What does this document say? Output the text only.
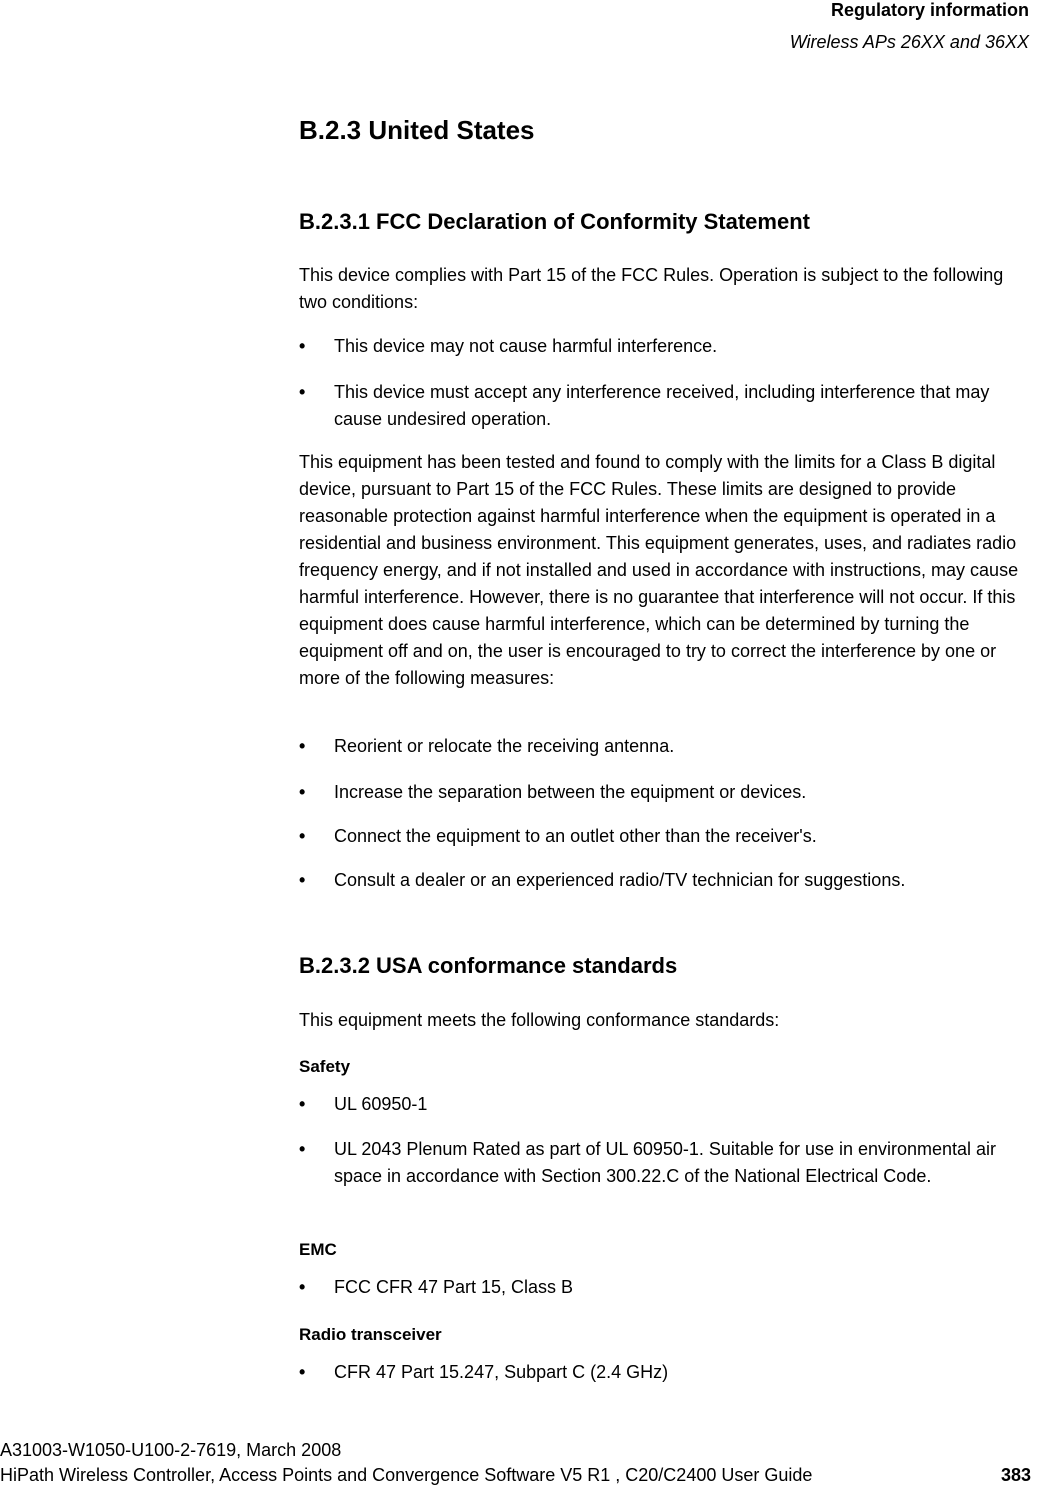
Regulatory information
Wireless APs 26XX and 36XX
B.2.3 United States
B.2.3.1 FCC Declaration of Conformity Statement

This device complies with Part 15 of the FCC Rules. Operation is subject to the following two conditions:

•	This device may not cause harmful interference.
•	This device must accept any interference received, including interference that may cause undesired operation.

This equipment has been tested and found to comply with the limits for a Class B digital device, pursuant to Part 15 of the FCC Rules. These limits are designed to provide reasonable protection against harmful interference when the equipment is operated in a residential and business environment. This equipment generates, uses, and radiates radio frequency energy, and if not installed and used in accordance with instructions, may cause harmful interference. However, there is no guarantee that interference will not occur. If this equipment does cause harmful interference, which can be determined by turning the equipment off and on, the user is encouraged to try to correct the interference by one or more of the following measures:

•	Reorient or relocate the receiving antenna.
•	Increase the separation between the equipment or devices.
•	Connect the equipment to an outlet other than the receiver's.
•	Consult a dealer or an experienced radio/TV technician for suggestions.
B.2.3.2 USA conformance standards

This equipment meets the following conformance standards:

Safety
•	UL 60950-1
•	UL 2043 Plenum Rated as part of UL 60950-1. Suitable for use in environmental air space in accordance with Section 300.22.C of the National Electrical Code.
EMC
•	FCC CFR 47 Part 15, Class B
Radio transceiver
•	CFR 47 Part 15.247, Subpart C (2.4 GHz)
A31003-W1050-U100-2-7619, March 2008
HiPath Wireless Controller, Access Points and Convergence Software V5 R1 , C20/C2400 User Guide	383
